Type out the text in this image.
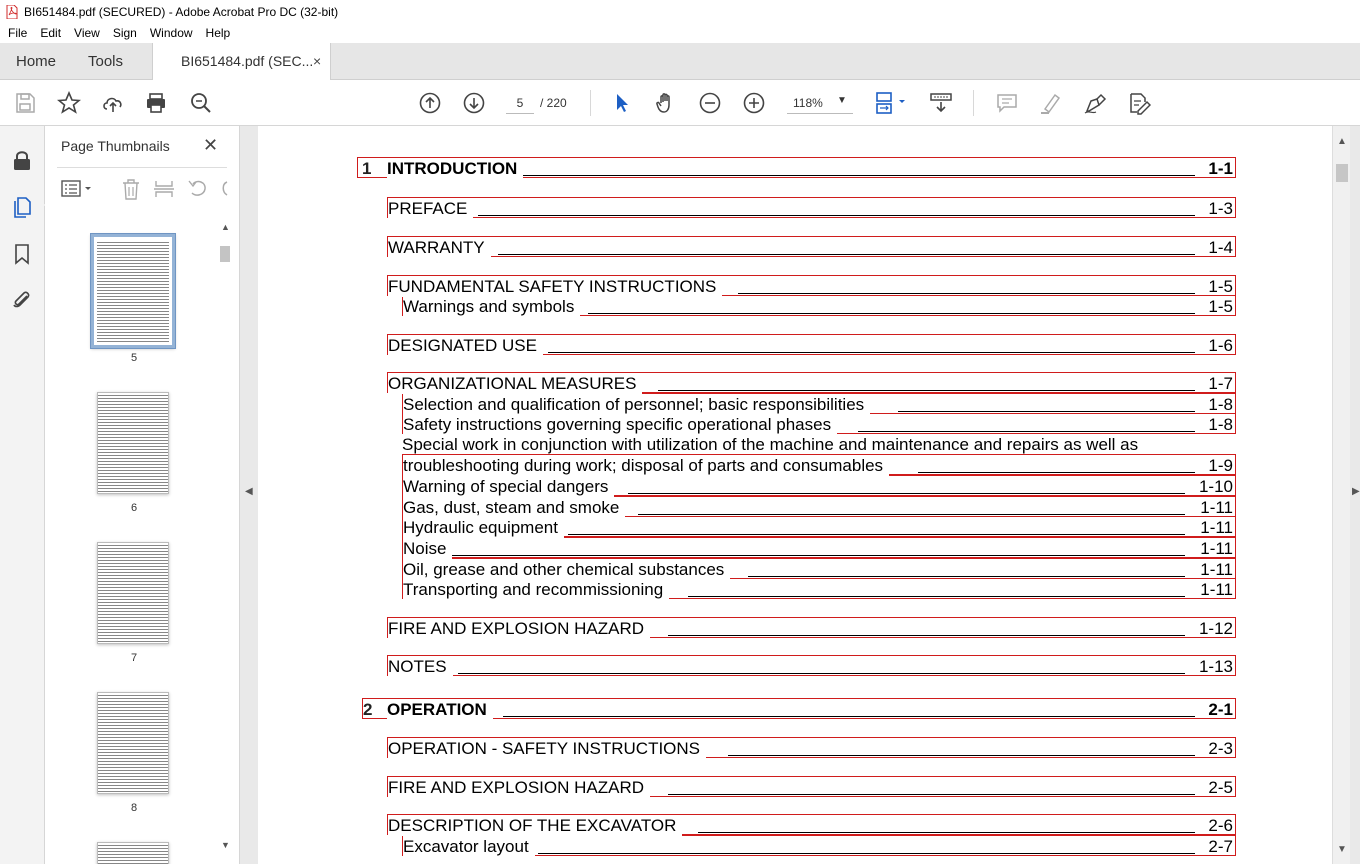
BI651484.pdf (SECURED) - Adobe Acrobat Pro DC (32-bit)
File Edit View Sign Window Help
Home Tools	BI651484.pdf (SEC... ×
5
/ 220	118% ▼
Page Thumbnails ✕
▲
▼
5
6
7
8
◀
1 INTRODUCTION	1-1
PREFACE	1-3
WARRANTY	1-4
FUNDAMENTAL SAFETY INSTRUCTIONS	1-5
Warnings and symbols	1-5
DESIGNATED USE	1-6
ORGANIZATIONAL MEASURES	1-7
Selection and qualification of personnel; basic responsibilities	1-8
Safety instructions governing specific operational phases	1-8
Special work in conjunction with utilization of the machine and maintenance and repairs as well as
troubleshooting during work; disposal of parts and consumables	1-9
Warning of special dangers	1-10
Gas, dust, steam and smoke	1-11
Hydraulic equipment	1-11
Noise	1-11
Oil, grease and other chemical substances	1-11
Transporting and recommissioning	1-11
FIRE AND EXPLOSION HAZARD	1-12
NOTES	1-13
2 OPERATION	2-1
OPERATION - SAFETY INSTRUCTIONS	2-3
FIRE AND EXPLOSION HAZARD	2-5
DESCRIPTION OF THE EXCAVATOR	2-6
Excavator layout	2-7
▲
▼
▶
